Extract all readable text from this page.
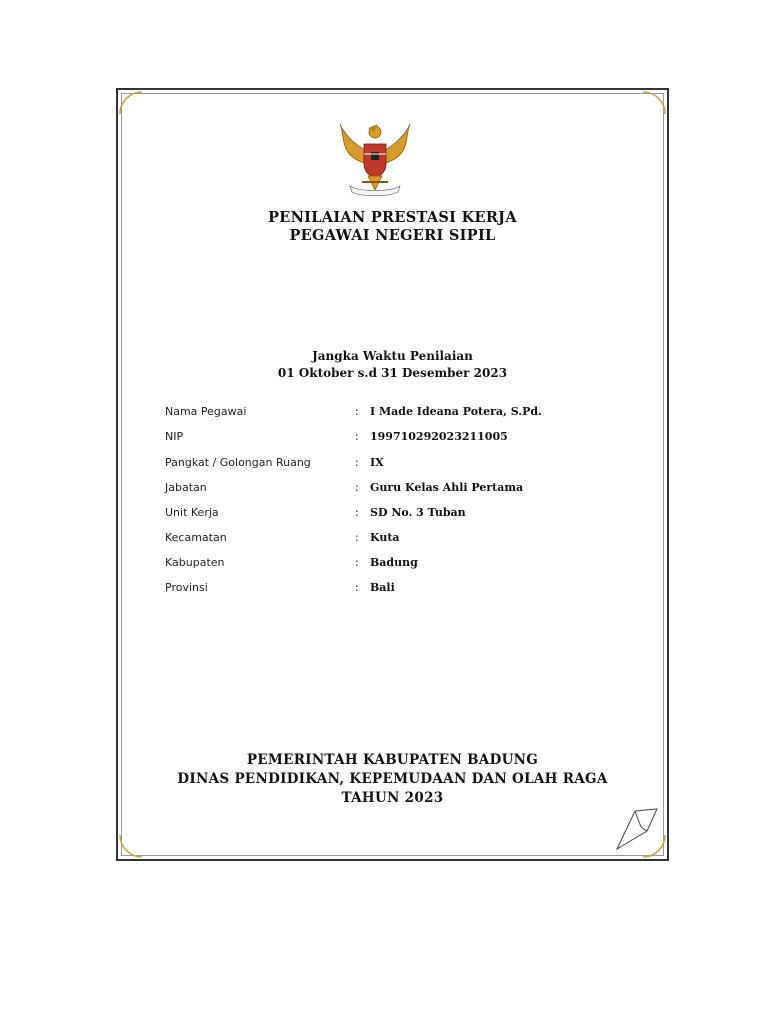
PENILAIAN PRESTASI KERJA
PEGAWAI NEGERI SIPIL
Jangka Waktu Penilaian
01 Oktober s.d 31 Desember 2023
Nama Pegawai	: I Made Ideana Potera, S.Pd.
NIP	: 199710292023211005
Pangkat / Golongan Ruang	: IX
Jabatan	: Guru Kelas Ahli Pertama
Unit Kerja	: SD No. 3 Tuban
Kecamatan	: Kuta
Kabupaten	: Badung
Provinsi	: Bali
PEMERINTAH KABUPATEN BADUNG
DINAS PENDIDIKAN, KEPEMUDAAN DAN OLAH RAGA
TAHUN 2023
